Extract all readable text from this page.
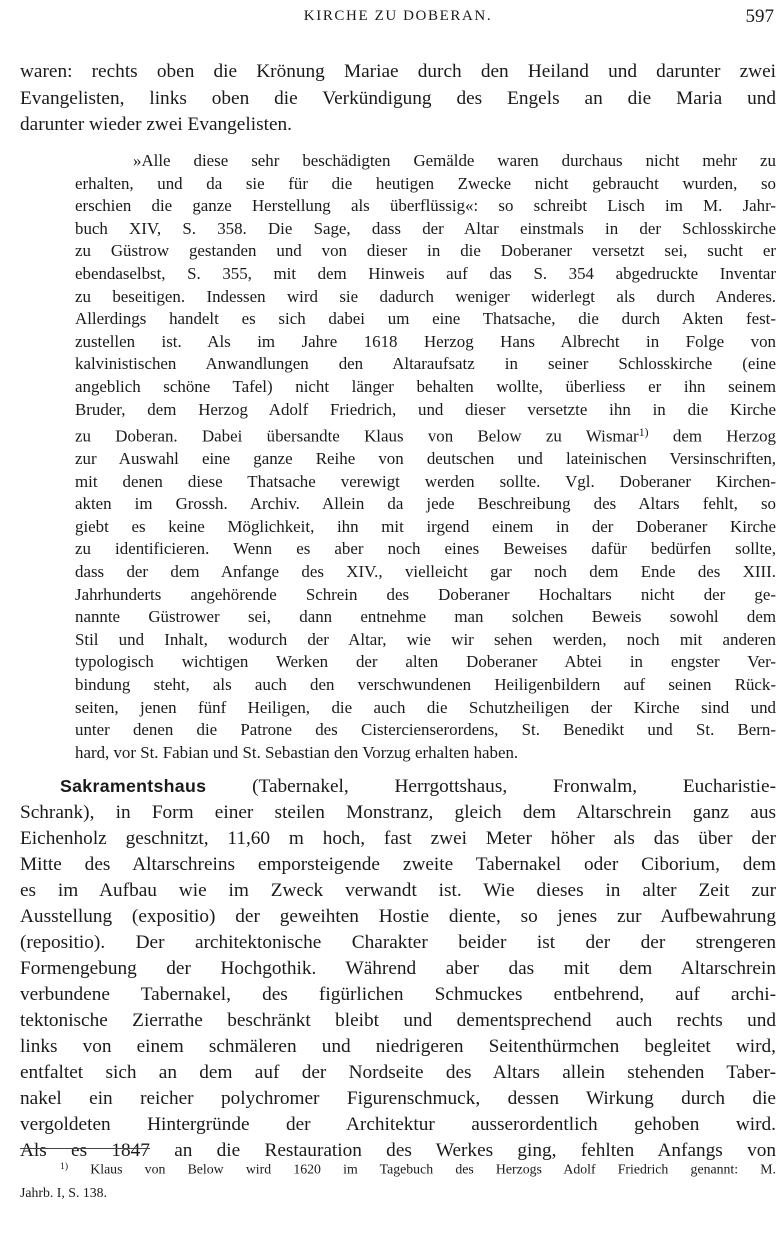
KIRCHE ZU DOBERAN.	597
waren: rechts oben die Krönung Mariae durch den Heiland und darunter zwei
Evangelisten, links oben die Verkündigung des Engels an die Maria und
darunter wieder zwei Evangelisten.
»Alle diese sehr beschädigten Gemälde waren durchaus nicht mehr zu
erhalten, und da sie für die heutigen Zwecke nicht gebraucht wurden, so
erschien die ganze Herstellung als überflüssig«: so schreibt Lisch im M. Jahr-
buch XIV, S. 358. Die Sage, dass der Altar einstmals in der Schlosskirche
zu Güstrow gestanden und von dieser in die Doberaner versetzt sei, sucht er
ebendaselbst, S. 355, mit dem Hinweis auf das S. 354 abgedruckte Inventar
zu beseitigen. Indessen wird sie dadurch weniger widerlegt als durch Anderes.
Allerdings handelt es sich dabei um eine Thatsache, die durch Akten fest-
zustellen ist. Als im Jahre 1618 Herzog Hans Albrecht in Folge von
kalvinistischen Anwandlungen den Altaraufsatz in seiner Schlosskirche (eine
angeblich schöne Tafel) nicht länger behalten wollte, überliess er ihn seinem
Bruder, dem Herzog Adolf Friedrich, und dieser versetzte ihn in die Kirche
zu Doberan. Dabei übersandte Klaus von Below zu Wismar$^{1)}$ dem Herzog
zur Auswahl eine ganze Reihe von deutschen und lateinischen Versinschriften,
mit denen diese Thatsache verewigt werden sollte. Vgl. Doberaner Kirchen-
akten im Grossh. Archiv. Allein da jede Beschreibung des Altars fehlt, so
giebt es keine Möglichkeit, ihn mit irgend einem in der Doberaner Kirche
zu identificieren. Wenn es aber noch eines Beweises dafür bedürfen sollte,
dass der dem Anfange des XIV., vielleicht gar noch dem Ende des XIII.
Jahrhunderts angehörende Schrein des Doberaner Hochaltars nicht der ge-
nannte Güstrower sei, dann entnehme man solchen Beweis sowohl dem
Stil und Inhalt, wodurch der Altar, wie wir sehen werden, noch mit anderen
typologisch wichtigen Werken der alten Doberaner Abtei in engster Ver-
bindung steht, als auch den verschwundenen Heiligenbildern auf seinen Rück-
seiten, jenen fünf Heiligen, die auch die Schutzheiligen der Kirche sind und
unter denen die Patrone des Cistercienserordens, St. Benedikt und St. Bern-
hard, vor St. Fabian und St. Sebastian den Vorzug erhalten haben.
Sakramentshaus (Tabernakel, Herrgottshaus, Fronwalm, Eucharistie-
Schrank), in Form einer steilen Monstranz, gleich dem Altarschrein ganz aus
Eichenholz geschnitzt, 11,60 m hoch, fast zwei Meter höher als das über der
Mitte des Altarschreins emporsteigende zweite Tabernakel oder Ciborium, dem
es im Aufbau wie im Zweck verwandt ist. Wie dieses in alter Zeit zur
Ausstellung (expositio) der geweihten Hostie diente, so jenes zur Aufbewahrung
(repositio). Der architektonische Charakter beider ist der der strengeren
Formengebung der Hochgothik. Während aber das mit dem Altarschrein
verbundene Tabernakel, des figürlichen Schmuckes entbehrend, auf archi-
tektonische Zierrathe beschränkt bleibt und dementsprechend auch rechts und
links von einem schmäleren und niedrigeren Seitenthürmchen begleitet wird,
entfaltet sich an dem auf der Nordseite des Altars allein stehenden Taber-
nakel ein reicher polychromer Figurenschmuck, dessen Wirkung durch die
vergoldeten Hintergründe der Architektur ausserordentlich gehoben wird.
Als es 1847 an die Restauration des Werkes ging, fehlten Anfangs von
$^{1)}$ Klaus von Below wird 1620 im Tagebuch des Herzogs Adolf Friedrich genannt: M.
Jahrb. I, S. 138.
